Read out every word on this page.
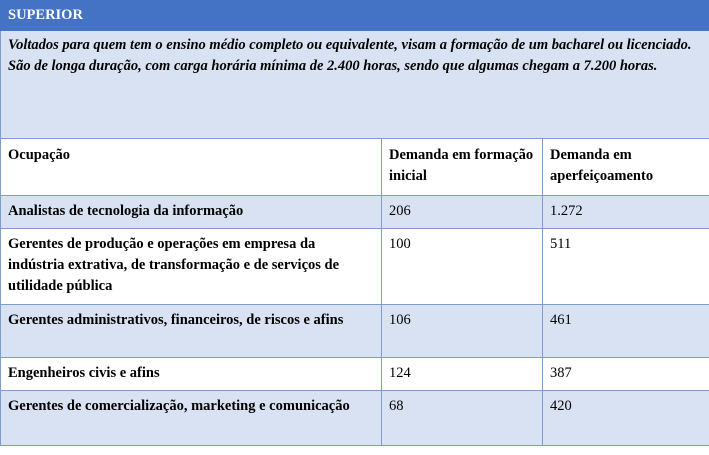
SUPERIOR		
Voltados para quem tem o ensino médio completo ou equivalente, visam a formação de um bacharel ou licenciado. São de longa duração, com carga horária mínima de 2.400 horas, sendo que algumas chegam a 7.200 horas.		
Ocupação	Demanda em formação inicial	Demanda em aperfeiçoamento
Analistas de tecnologia da informação	206	1.272
Gerentes de produção e operações em empresa da indústria extrativa, de transformação e de serviços de utilidade pública	100	511
Gerentes administrativos, financeiros, de riscos e afins	106	461
Engenheiros civis e afins	124	387
Gerentes de comercialização, marketing e comunicação	68	420
